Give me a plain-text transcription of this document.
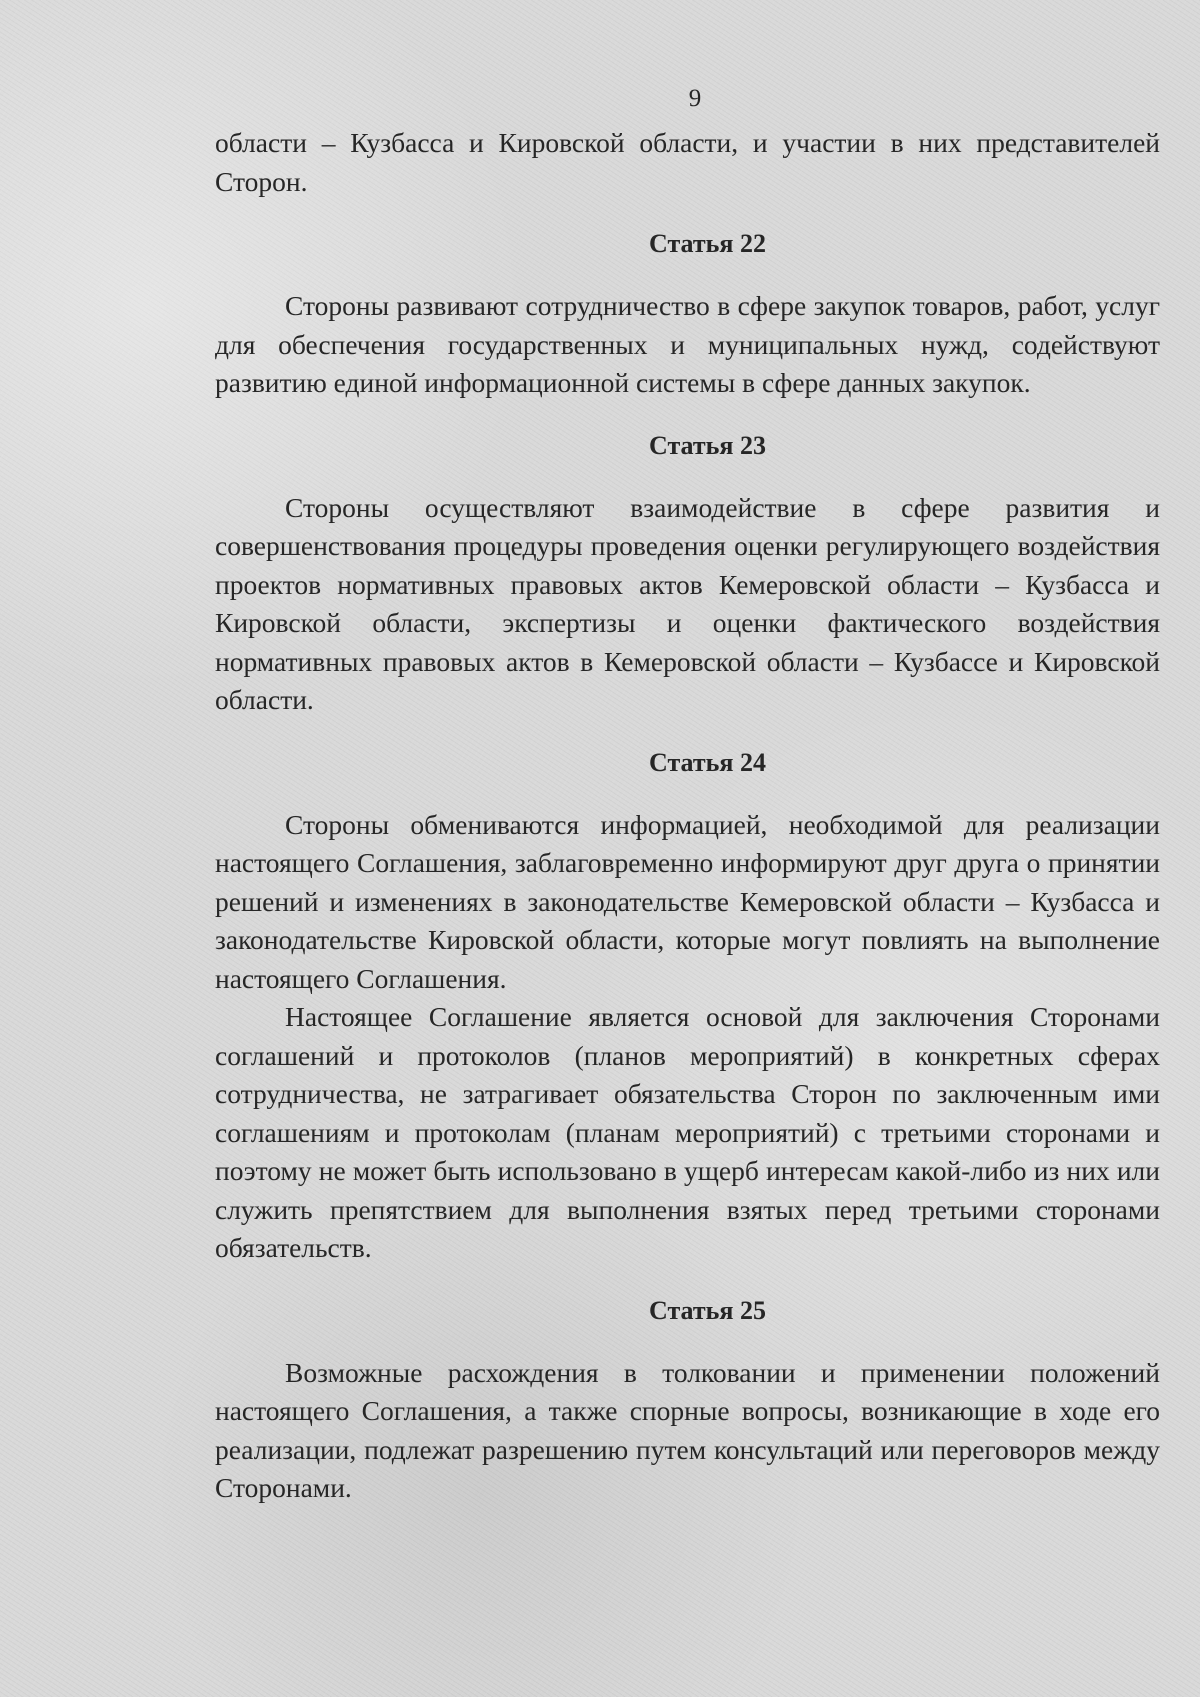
9

области – Кузбасса и Кировской области, и участии в них представителей Сторон.

Статья 22

Стороны развивают сотрудничество в сфере закупок товаров, работ, услуг для обеспечения государственных и муниципальных нужд, содействуют развитию единой информационной системы в сфере данных закупок.

Статья 23

Стороны осуществляют взаимодействие в сфере развития и совершенствования процедуры проведения оценки регулирующего воздействия проектов нормативных правовых актов Кемеровской области – Кузбасса и Кировской области, экспертизы и оценки фактического воздействия нормативных правовых актов в Кемеровской области – Кузбассе и Кировской области.

Статья 24

Стороны обмениваются информацией, необходимой для реализации настоящего Соглашения, заблаговременно информируют друг друга о принятии решений и изменениях в законодательстве Кемеровской области – Кузбасса и законодательстве Кировской области, которые могут повлиять на выполнение настоящего Соглашения.

Настоящее Соглашение является основой для заключения Сторонами соглашений и протоколов (планов мероприятий) в конкретных сферах сотрудничества, не затрагивает обязательства Сторон по заключенным ими соглашениям и протоколам (планам мероприятий) с третьими сторонами и поэтому не может быть использовано в ущерб интересам какой-либо из них или служить препятствием для выполнения взятых перед третьими сторонами обязательств.

Статья 25

Возможные расхождения в толковании и применении положений настоящего Соглашения, а также спорные вопросы, возникающие в ходе его реализации, подлежат разрешению путем консультаций или переговоров между Сторонами.
